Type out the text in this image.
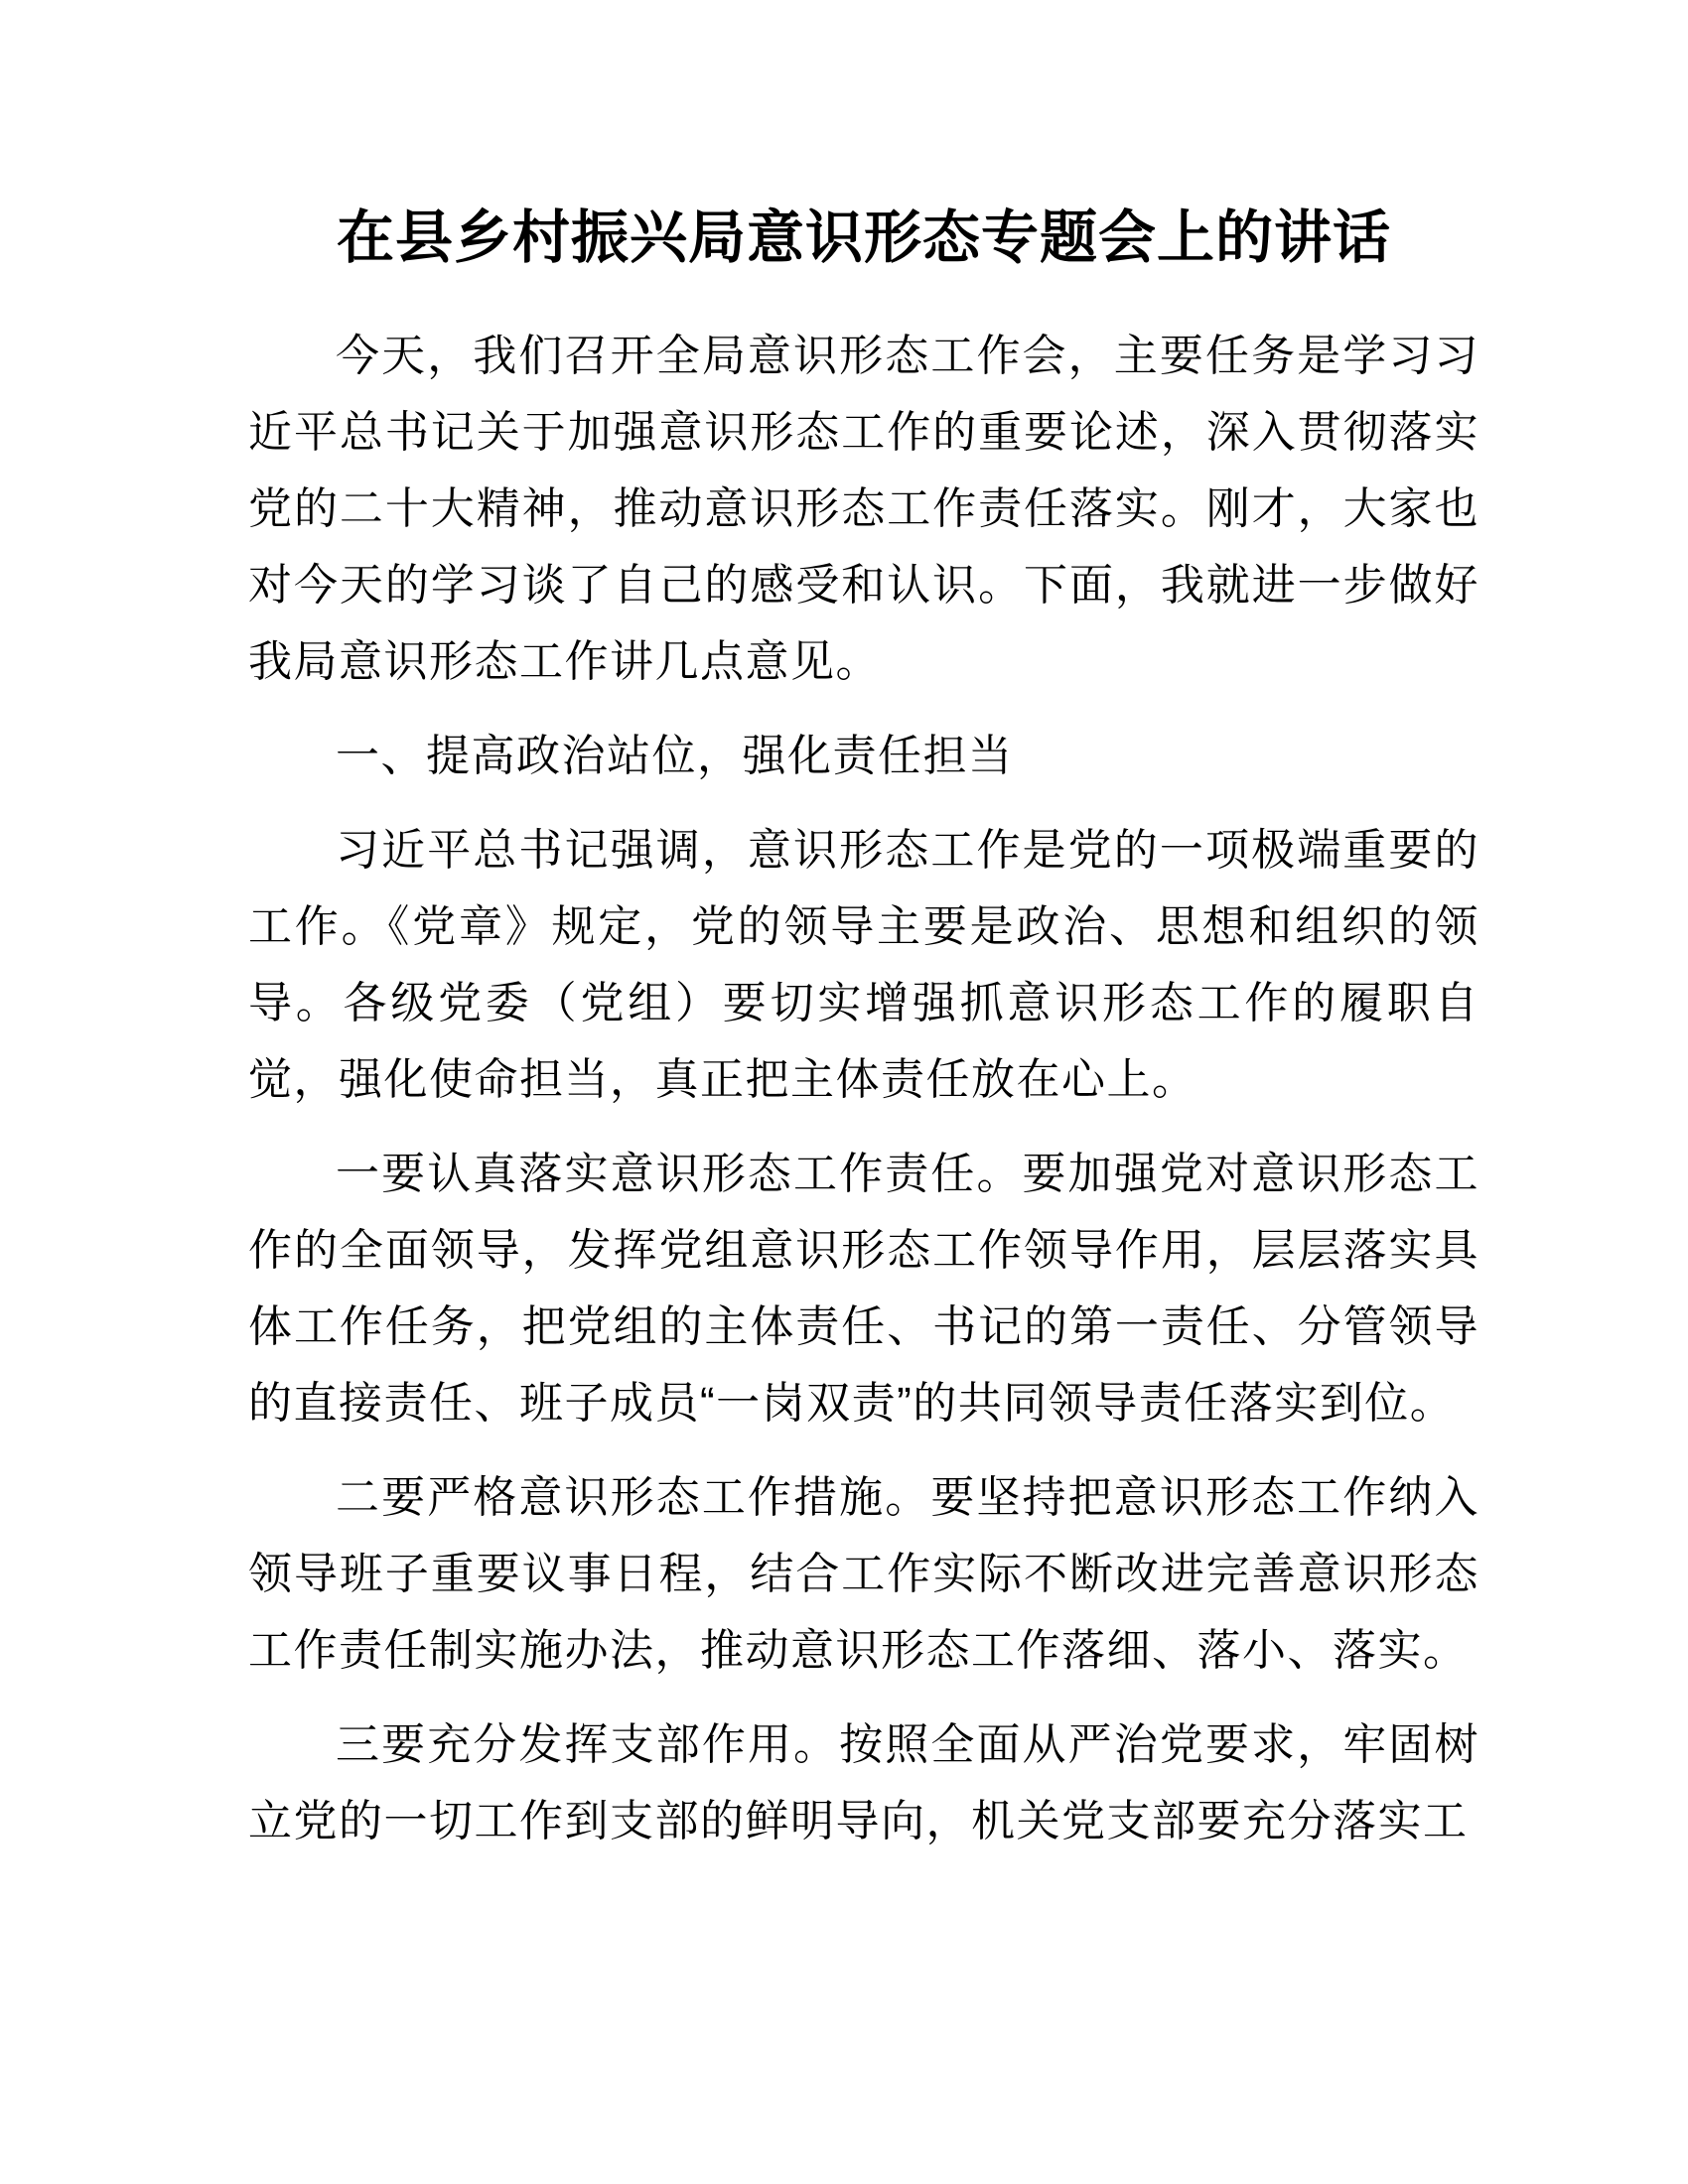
在县乡村振兴局意识形态专题会上的讲话

今天，我们召开全局意识形态工作会，主要任务是学习习近平总书记关于加强意识形态工作的重要论述，深入贯彻落实党的二十大精神，推动意识形态工作责任落实。刚才，大家也对今天的学习谈了自己的感受和认识。下面，我就进一步做好我局意识形态工作讲几点意见。

一、提高政治站位，强化责任担当

习近平总书记强调，意识形态工作是党的一项极端重要的工作。《党章》规定，党的领导主要是政治、思想和组织的领导。各级党委（党组）要切实增强抓意识形态工作的履职自觉，强化使命担当，真正把主体责任放在心上。

一要认真落实意识形态工作责任。要加强党对意识形态工作的全面领导，发挥党组意识形态工作领导作用，层层落实具体工作任务，把党组的主体责任、书记的第一责任、分管领导的直接责任、班子成员“一岗双责”的共同领导责任落实到位。

二要严格意识形态工作措施。要坚持把意识形态工作纳入领导班子重要议事日程，结合工作实际不断改进完善意识形态工作责任制实施办法，推动意识形态工作落细、落小、落实。

三要充分发挥支部作用。按照全面从严治党要求，牢固树立党的一切工作到支部的鲜明导向，机关党支部要充分落实工
